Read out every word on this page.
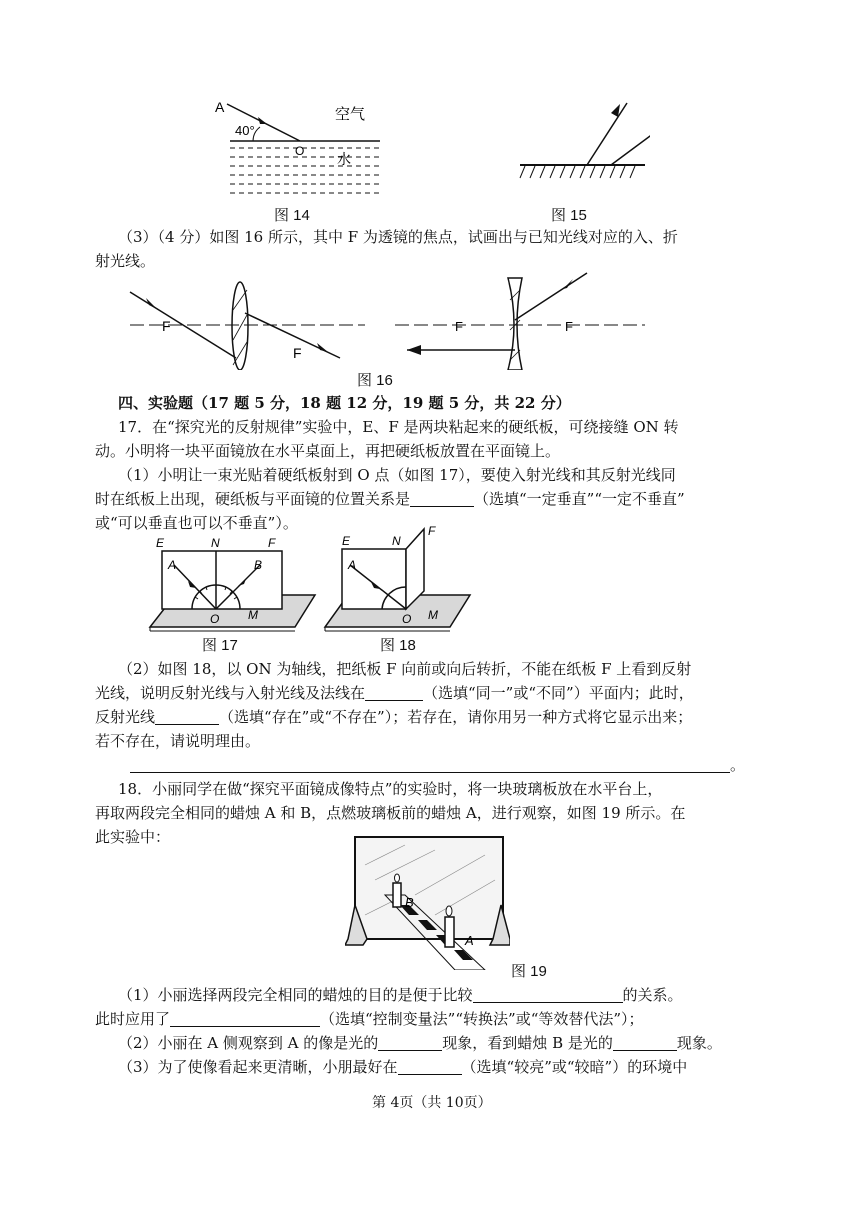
A
40°
O
空气
水
图 14	图 15
（3）（4 分）如图 16 所示，其中 F 为透镜的焦点，试画出与已知光线对应的入、折
射光线。
F
F
F	F
图 16
四、实验题（17 题 5 分，18 题 12 分，19 题 5 分，共 22 分）
17．在“探究光的反射规律”实验中，E、F 是两块粘起来的硬纸板，可绕接缝 ON 转
动。小明将一块平面镜放在水平桌面上，再把硬纸板放置在平面镜上。
（1）小明让一束光贴着硬纸板射到 O 点（如图 17），要使入射光线和其反射光线同
时在纸板上出现，硬纸板与平面镜的位置关系是	（选填“一定垂直”“一定不垂直”
或“可以垂直也可以不垂直”）。
E	N	F
A	B
O M
图 17
E	N
F
A
O M
图 18
（2）如图 18，以 ON 为轴线，把纸板 F 向前或向后转折，不能在纸板 F 上看到反射
光线，说明反射光线与入射光线及法线在	（选填“同一”或“不同”）平面内；此时，
反射光线	（选填“存在”或“不存在”）；若存在，请你用另一种方式将它显示出来；
若不存在，请说明理由。
。
18．小丽同学在做“探究平面镜成像特点”的实验时，将一块玻璃板放在水平台上，
再取两段完全相同的蜡烛 A 和 B，点燃玻璃板前的蜡烛 A，进行观察，如图 19 所示。在
此实验中：
B
A
图 19
（1）小丽选择两段完全相同的蜡烛的目的是便于比较	的关系。
此时应用了	（选填“控制变量法”“转换法”或“等效替代法”）；
（2）小丽在 A 侧观察到 A 的像是光的	现象，看到蜡烛 B 是光的	现象。
（3）为了使像看起来更清晰，小朋最好在	（选填“较亮”或“较暗”）的环境中
第 4页（共 10页）
